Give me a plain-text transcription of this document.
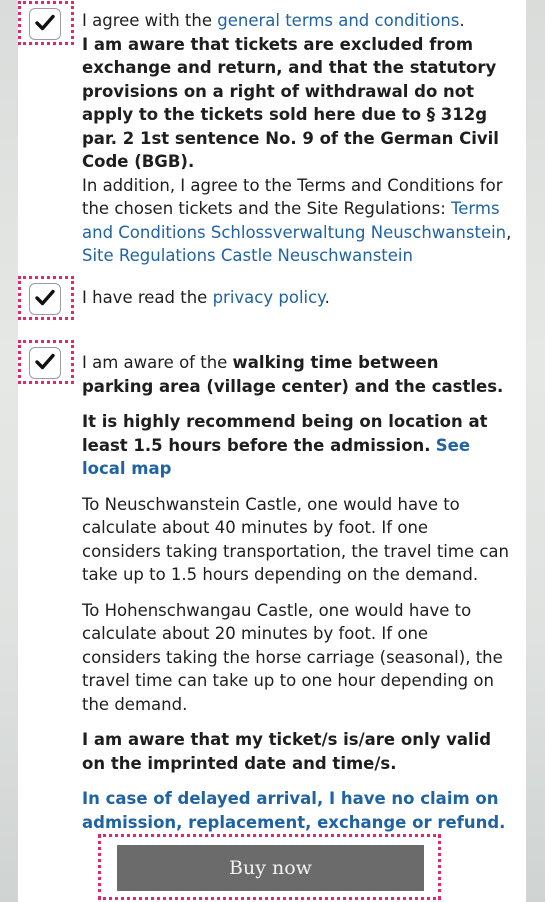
I agree with the general terms and conditions.

I am aware that tickets are excluded from exchange and return, and that the statutory provisions on a right of withdrawal do not apply to the tickets sold here due to § 312g par. 2 1st sentence No. 9 of the German Civil Code (BGB).

In addition, I agree to the Terms and Conditions for the chosen tickets and the Site Regulations: Terms and Conditions Schlossverwaltung Neuschwanstein, Site Regulations Castle Neuschwanstein

I have read the privacy policy.

I am aware of the walking time between parking area (village center) and the castles.

It is highly recommend being on location at least 1.5 hours before the admission. See local map

To Neuschwanstein Castle, one would have to calculate about 40 minutes by foot. If one considers taking transportation, the travel time can take up to 1.5 hours depending on the demand.

To Hohenschwangau Castle, one would have to calculate about 20 minutes by foot. If one considers taking the horse carriage (seasonal), the travel time can take up to one hour depending on the demand.

I am aware that my ticket/s is/are only valid on the imprinted date and time/s.

In case of delayed arrival, I have no claim on admission, replacement, exchange or refund.

Buy now
